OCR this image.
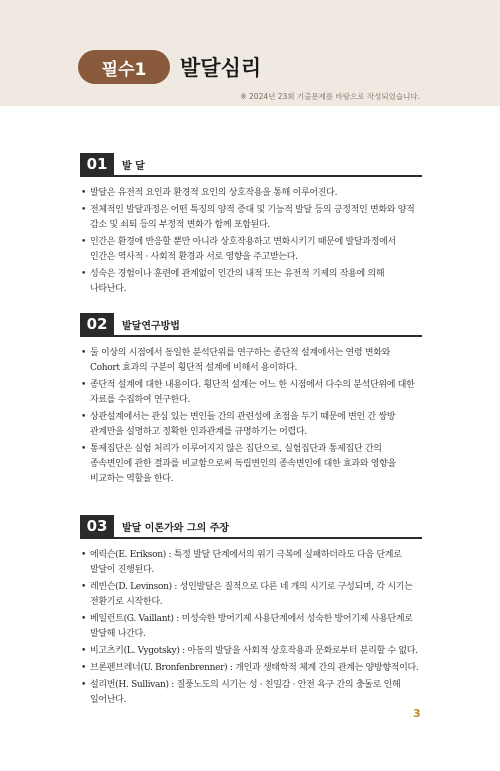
필수1	발달심리
※ 2024년 23회 기출문제를 바탕으로 작성되었습니다.
01	발 달
• 발달은 유전적 요인과 환경적 요인의 상호작용을 통해 이루어진다.
• 전체적인 발달과정은 어떤 특징의 양적 증대 및 기능적 발달 등의 긍정적인 변화와 양적 감소 및 쇠퇴 등의 부정적 변화가 함께 포함된다.
• 인간은 환경에 반응할 뿐만 아니라 상호작용하고 변화시키기 때문에 발달과정에서 인간은 역사적 · 사회적 환경과 서로 영향을 주고받는다.
• 성숙은 경험이나 훈련에 관계없이 인간의 내적 또는 유전적 기제의 작용에 의해 나타난다.
02	발달연구방법
• 둘 이상의 시점에서 동일한 분석단위를 연구하는 종단적 설계에서는 연령 변화와 Cohort 효과의 구분이 횡단적 설계에 비해서 용이하다.
• 종단적 설계에 대한 내용이다. 횡단적 설계는 어느 한 시점에서 다수의 분석단위에 대한 자료를 수집하여 연구한다.
• 상관설계에서는 관심 있는 변인들 간의 관련성에 초점을 두기 때문에 변인 간 쌍방 관계만을 설명하고 정확한 인과관계를 규명하기는 어렵다.
• 통제집단은 실험 처리가 이루어지지 않은 집단으로, 실험집단과 통제집단 간의 종속변인에 관한 결과를 비교함으로써 독립변인의 종속변인에 대한 효과와 영향을 비교하는 역할을 한다.
03	발달 이론가와 그의 주장
• 에릭슨(E. Erikson) : 특정 발달 단계에서의 위기 극복에 실패하더라도 다음 단계로 발달이 진행된다.
• 레빈슨(D. Levinson) : 성인발달은 질적으로 다른 네 개의 시기로 구성되며, 각 시기는 전환기로 시작한다.
• 베일런트(G. Vaillant) : 미성숙한 방어기제 사용단계에서 성숙한 방어기제 사용단계로 발달해 나간다.
• 비고츠키(L. Vygotsky) : 아동의 발달을 사회적 상호작용과 문화로부터 분리할 수 없다.
• 브론펜브레너(U. Bronfenbrenner) : 개인과 생태학적 체계 간의 관계는 양방향적이다.
• 설리번(H. Sullivan) : 질풍노도의 시기는 성 · 친밀감 · 안전 욕구 간의 충돌로 인해 일어난다.
3
